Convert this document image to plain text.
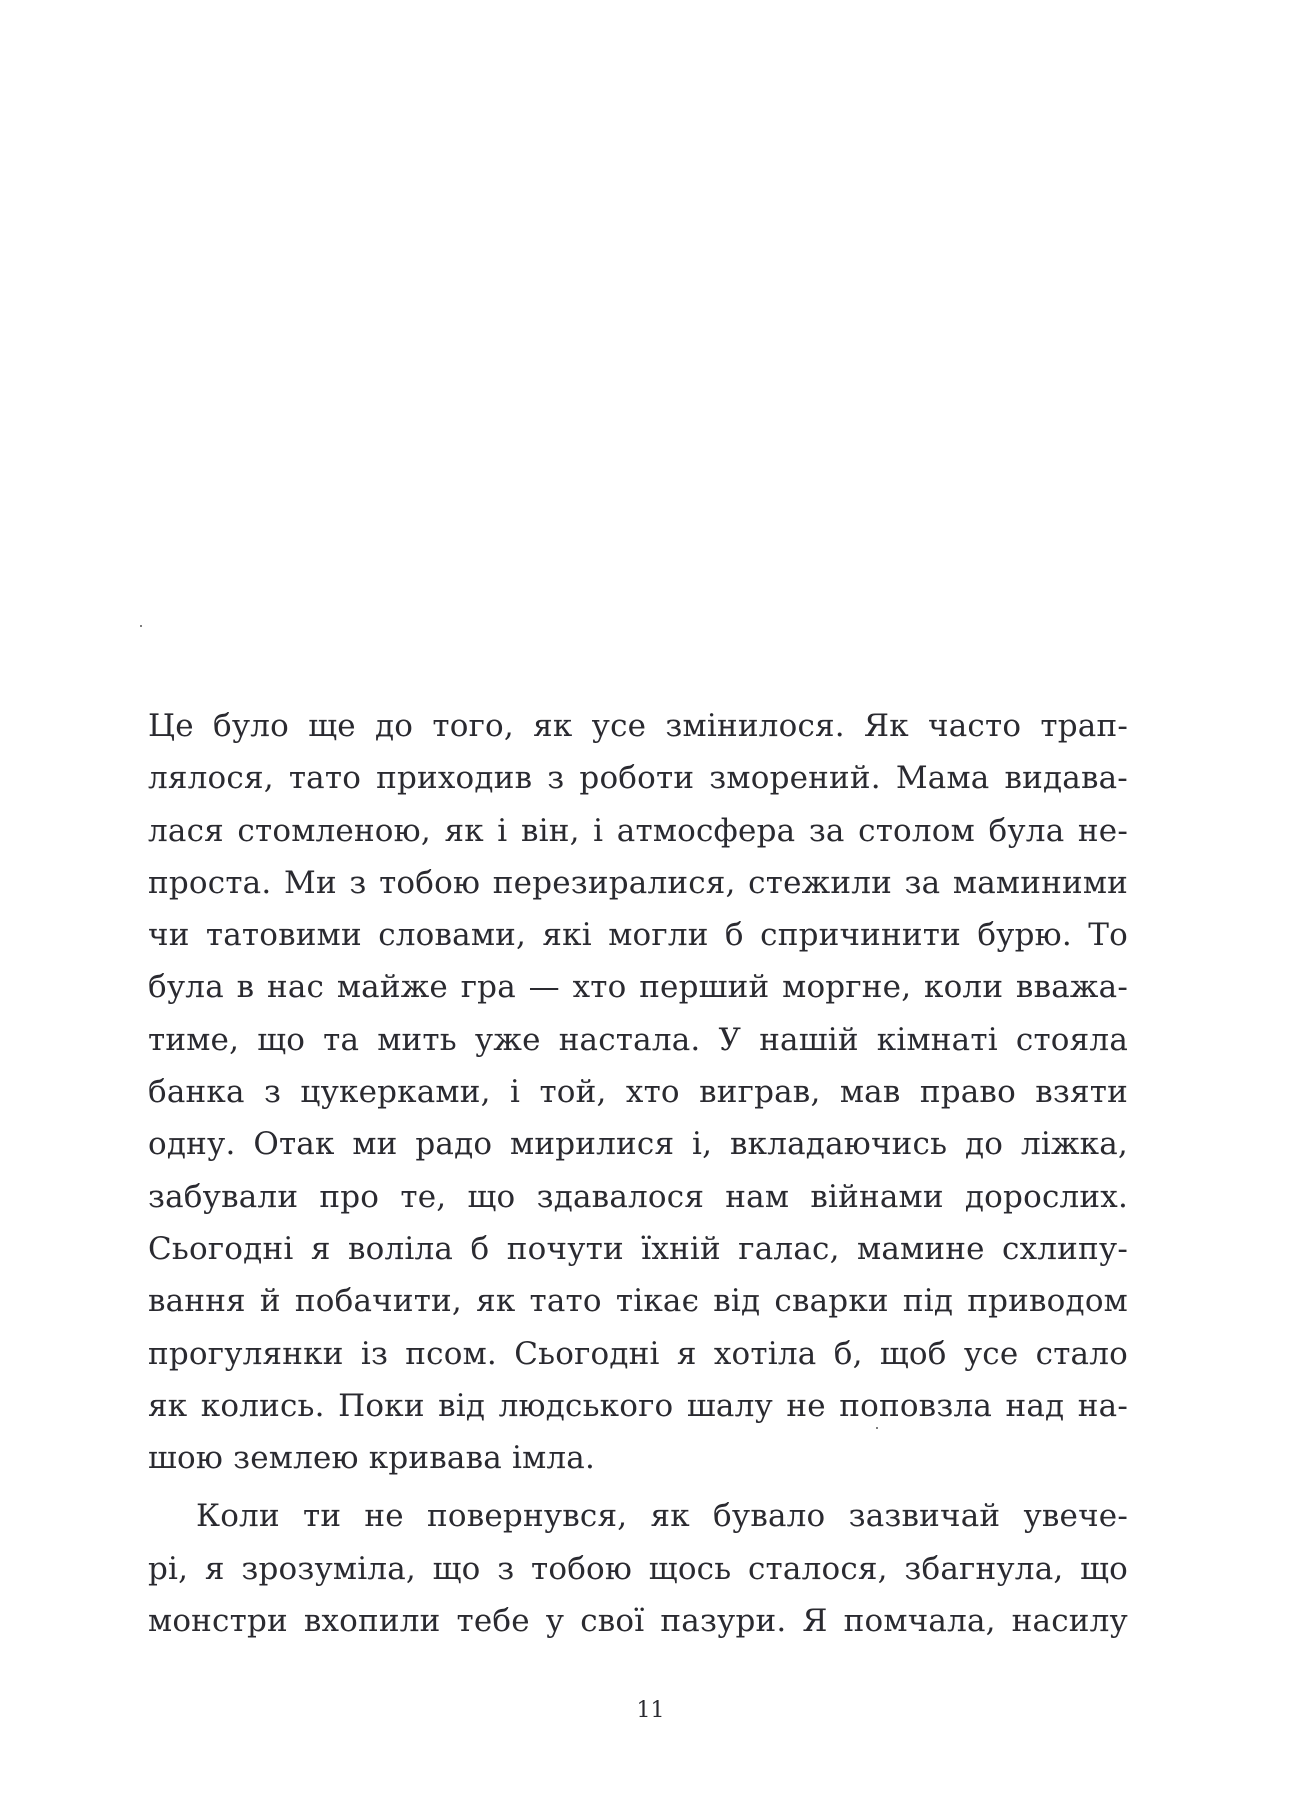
Це було ще до того, як усе змінилося. Як часто трап-
лялося, тато приходив з роботи зморений. Мама видава-
лася стомленою, як і він, і атмосфера за столом була не-
проста. Ми з тобою перезиралися, стежили за маминими
чи татовими словами, які могли б спричинити бурю. То
була в нас майже гра — хто перший моргне, коли вважа-
тиме, що та мить уже настала. У нашій кімнаті стояла
банка з цукерками, і той, хто виграв, мав право взяти
одну. Отак ми радо мирилися і, вкладаючись до ліжка,
забували про те, що здавалося нам війнами дорослих.
Сьогодні я воліла б почути їхній галас, мамине схлипу-
вання й побачити, як тато тікає від сварки під приводом
прогулянки із псом. Сьогодні я хотіла б, щоб усе стало
як колись. Поки від людського шалу не поповзла над на-
шою землею кривава імла.
Коли ти не повернувся, як бувало зазвичай увече-
рі, я зрозуміла, що з тобою щось сталося, збагнула, що
монстри вхопили тебе у свої пазури. Я помчала, насилу
11
